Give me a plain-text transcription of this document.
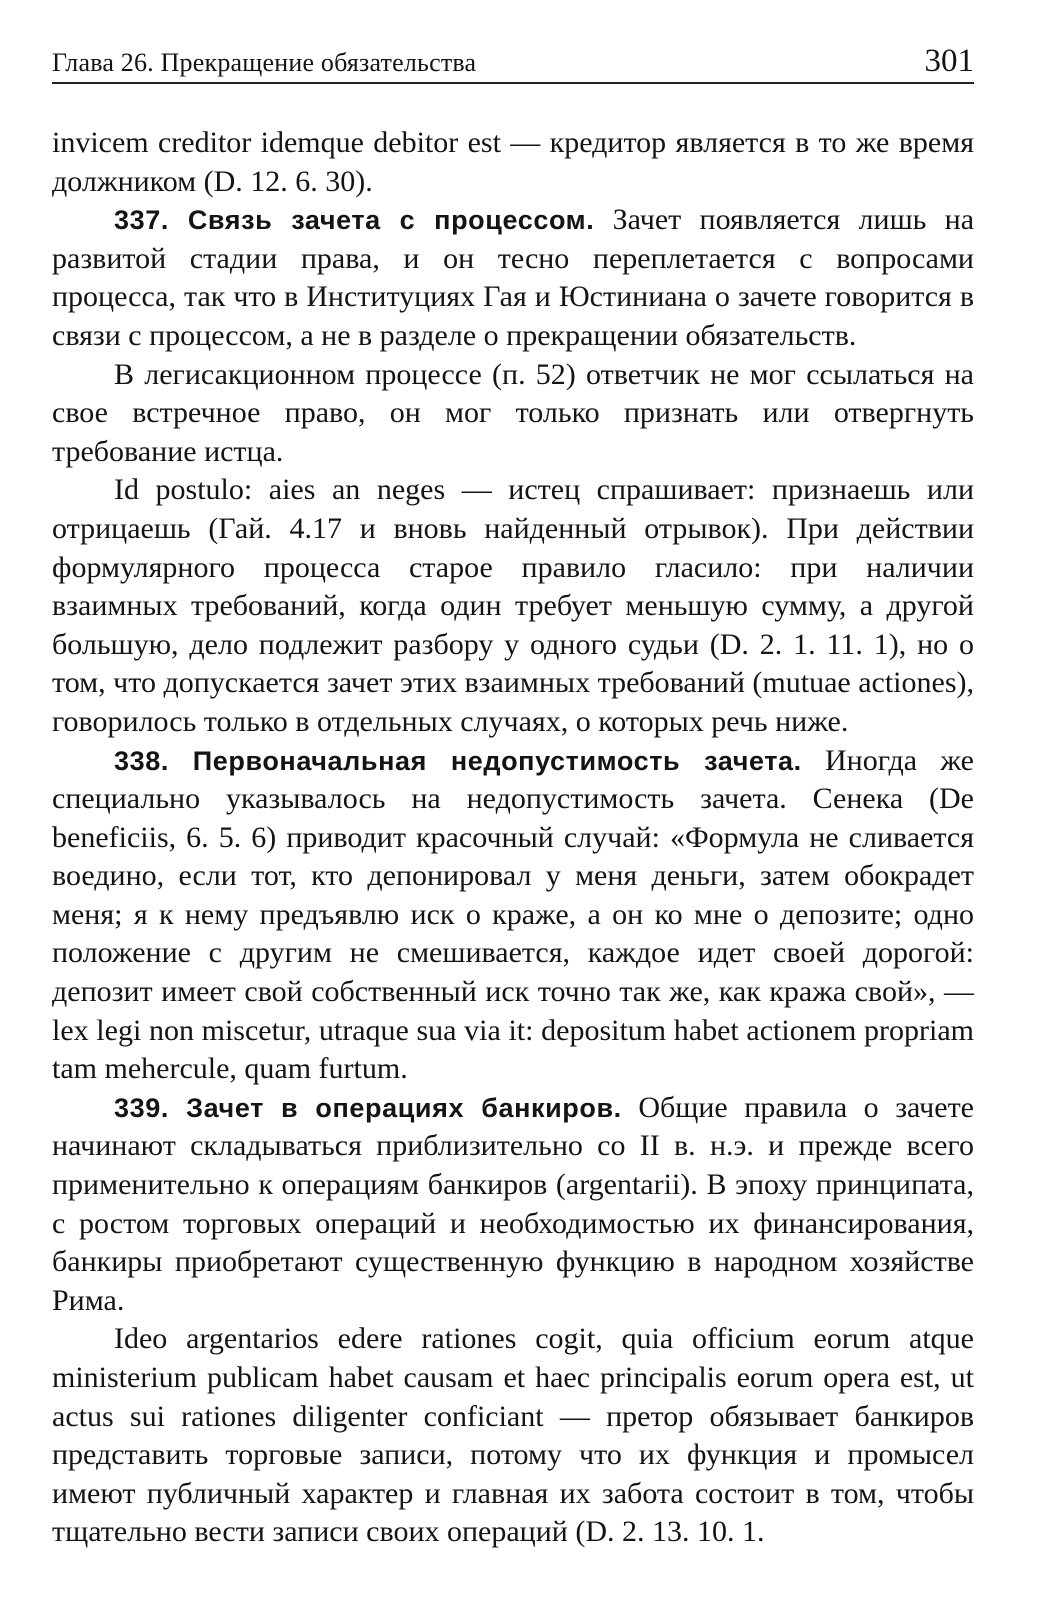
Глава 26. Прекращение обязательства	301

invicem creditor idemque debitor est — кредитор является в то же время должником (D. 12. 6. 30).

337. Связь зачета с процессом. Зачет появляется лишь на развитой стадии права, и он тесно переплетается с вопросами процесса, так что в Институциях Гая и Юстиниана о зачете говорится в связи с процессом, а не в разделе о прекращении обязательств.

В легисакционном процессе (п. 52) ответчик не мог ссылаться на свое встречное право, он мог только признать или отвергнуть требование истца.

Id postulo: aies an neges — истец спрашивает: признаешь или отрицаешь (Гай. 4.17 и вновь найденный отрывок). При действии формулярного процесса старое правило гласило: при наличии взаимных требований, когда один требует меньшую сумму, а другой большую, дело подлежит разбору у одного судьи (D. 2. 1. 11. 1), но о том, что допускается зачет этих взаимных требований (mutuae actiones), говорилось только в отдельных случаях, о которых речь ниже.

338. Первоначальная недопустимость зачета. Иногда же специально указывалось на недопустимость зачета. Сенека (De beneficiis, 6. 5. 6) приводит красочный случай: «Формула не сливается воедино, если тот, кто депонировал у меня деньги, затем обокрадет меня; я к нему предъявлю иск о краже, а он ко мне о депозите; одно положение с другим не смешивается, каждое идет своей дорогой: депозит имеет свой собственный иск точно так же, как кража свой», — lex legi non miscetur, utraque sua via it: depositum habet actionem propriam tam mehercule, quam furtum.

339. Зачет в операциях банкиров. Общие правила о зачете начинают складываться приблизительно со II в. н.э. и прежде всего применительно к операциям банкиров (argentarii). В эпоху принципата, с ростом торговых операций и необходимостью их финансирования, банкиры приобретают существенную функцию в народном хозяйстве Рима.

Ideo argentarios edere rationes cogit, quia officium eorum atque ministerium publicam habet causam et haec principalis eorum opera est, ut actus sui rationes diligenter conficiant — претор обязывает банкиров представить торговые записи, потому что их функция и промысел имеют публичный характер и главная их забота состоит в том, чтобы тщательно вести записи своих операций (D. 2. 13. 10. 1.
